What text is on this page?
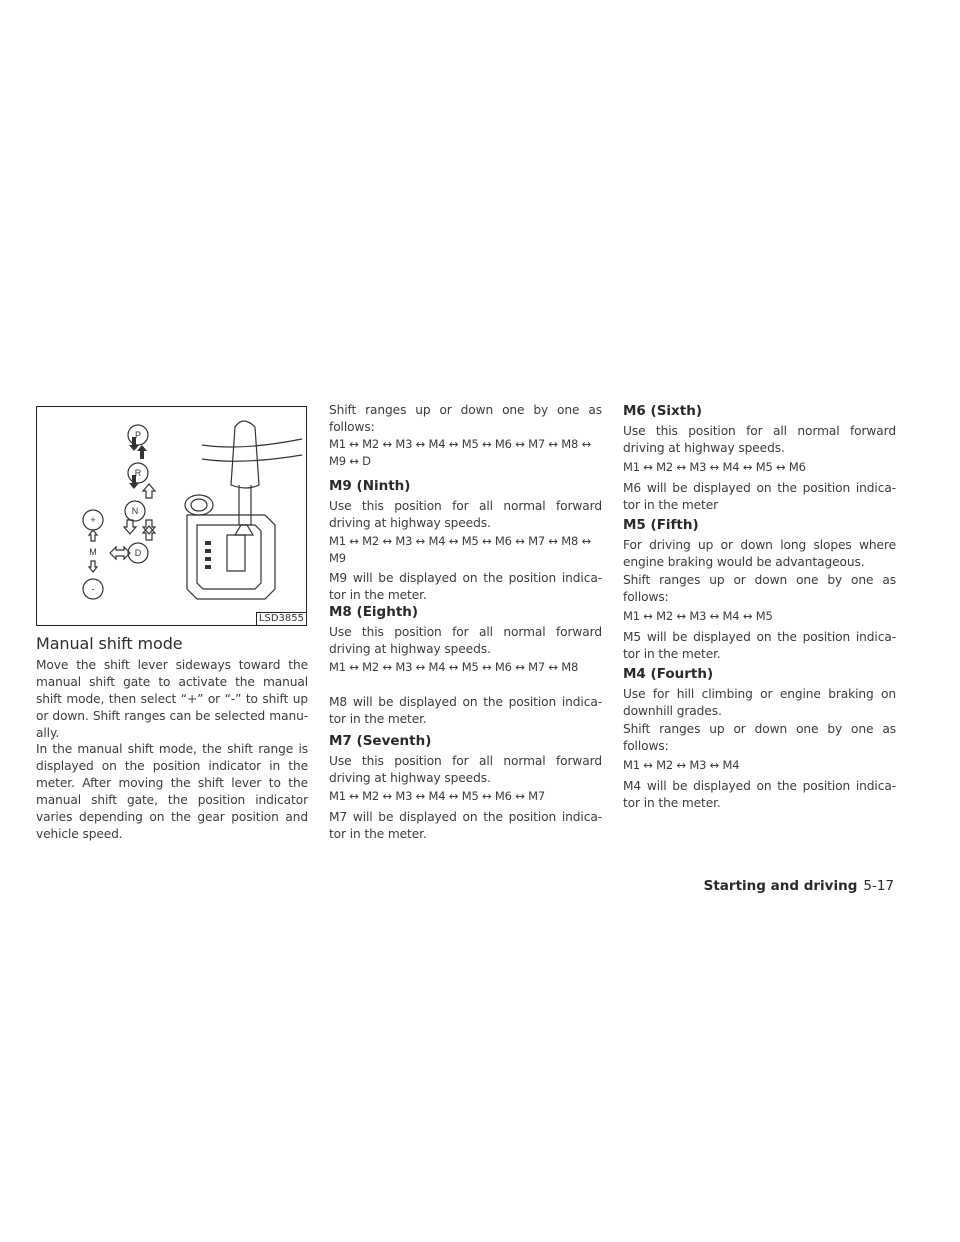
P
R
N
D
+
M
-
LSD3855
Manual shift mode

Move the shift lever sideways toward the manual shift gate to activate the manual shift mode, then select “+” or “-” to shift up or down. Shift ranges can be selected manu-ally.

In the manual shift mode, the shift range is displayed on the position indicator in the meter. After moving the shift lever to the manual shift gate, the position indicator varies depending on the gear position and vehicle speed.

Shift ranges up or down one by one as follows:

M1 ↔ M2 ↔ M3 ↔ M4 ↔ M5 ↔ M6 ↔ M7 ↔ M8 ↔ M9 ↔ D

M9 (Ninth)

Use this position for all normal forward driving at highway speeds.

M1 ↔ M2 ↔ M3 ↔ M4 ↔ M5 ↔ M6 ↔ M7 ↔ M8 ↔ M9

M9 will be displayed on the position indica-tor in the meter.

M8 (Eighth)

Use this position for all normal forward driving at highway speeds.

M1 ↔ M2 ↔ M3 ↔ M4 ↔ M5 ↔ M6 ↔ M7 ↔ M8

M8 will be displayed on the position indica-tor in the meter.

M7 (Seventh)

Use this position for all normal forward driving at highway speeds.

M1 ↔ M2 ↔ M3 ↔ M4 ↔ M5 ↔ M6 ↔ M7

M7 will be displayed on the position indica-tor in the meter.

M6 (Sixth)

Use this position for all normal forward driving at highway speeds.

M1 ↔ M2 ↔ M3 ↔ M4 ↔ M5 ↔ M6

M6 will be displayed on the position indica-tor in the meter

M5 (Fifth)

For driving up or down long slopes where engine braking would be advantageous.

Shift ranges up or down one by one as follows:

M1 ↔ M2 ↔ M3 ↔ M4 ↔ M5

M5 will be displayed on the position indica-tor in the meter.

M4 (Fourth)

Use for hill climbing or engine braking on downhill grades.

Shift ranges up or down one by one as follows:

M1 ↔ M2 ↔ M3 ↔ M4

M4 will be displayed on the position indica-tor in the meter.

Starting and driving 5-17
